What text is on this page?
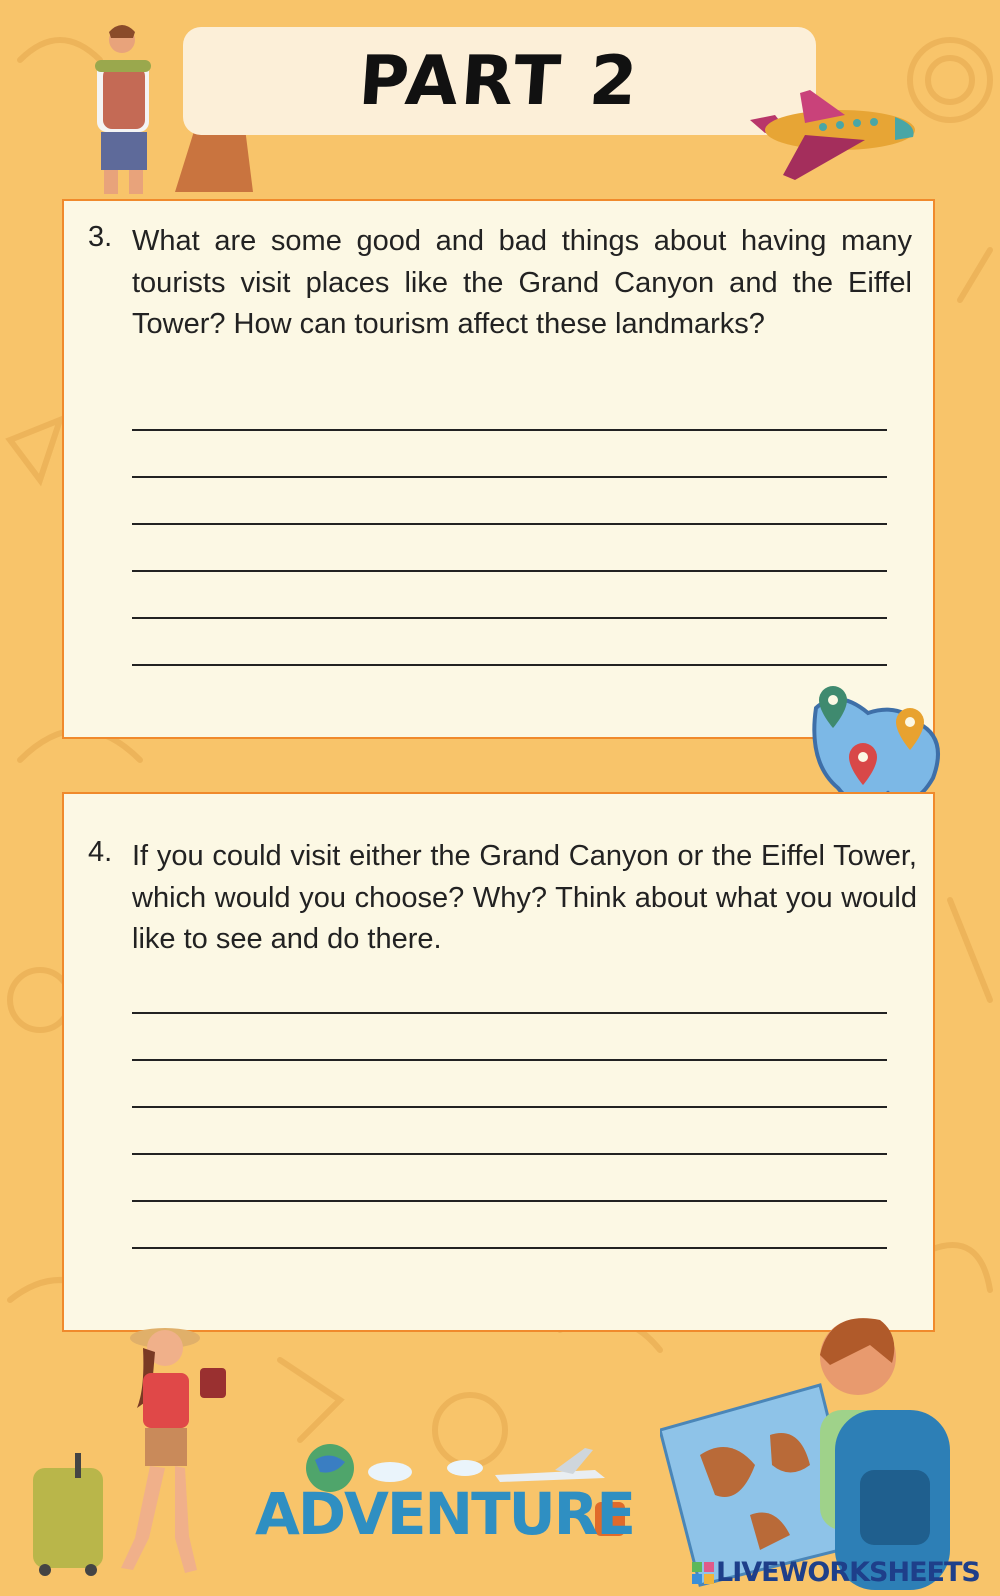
PART 2
3. What are some good and bad things about having many tourists visit places like the Grand Canyon and the Eiffel Tower? How can tourism affect these landmarks?
4. If you could visit either the Grand Canyon or the Eiffel Tower, which would you choose? Why? Think about what you would like to see and do there.
ADVENTURE
LIVEWORKSHEETS
